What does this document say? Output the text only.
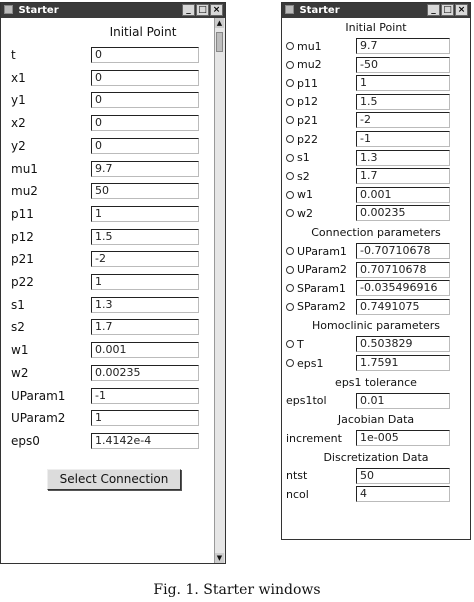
Starter	_ □ ×
▲
▼
Initial Point
t	0
x1	0
y1	0
x2	0
y2	0
mu1	9.7
mu2	50
p11	1
p12	1.5
p21	-2
p22	1
s1	1.3
s2	1.7
w1	0.001
w2	0.00235
UParam1	-1
UParam2	1
eps0	1.4142e-4
Select Connection
Starter	_ □ ×
Initial Point
mu1	9.7
mu2	-50
p11	1
p12	1.5
p21	-2
p22	-1
s1	1.3
s2	1.7
w1	0.001
w2	0.00235
Connection parameters
UParam1	-0.70710678
UParam2	0.70710678
SParam1	-0.035496916
SParam2	0.7491075
Homoclinic parameters
T	0.503829
eps1	1.7591
eps1 tolerance
eps1tol	0.01
Jacobian Data
increment	1e-005
Discretization Data
ntst	50
ncol	4
Fig. 1. Starter windows
